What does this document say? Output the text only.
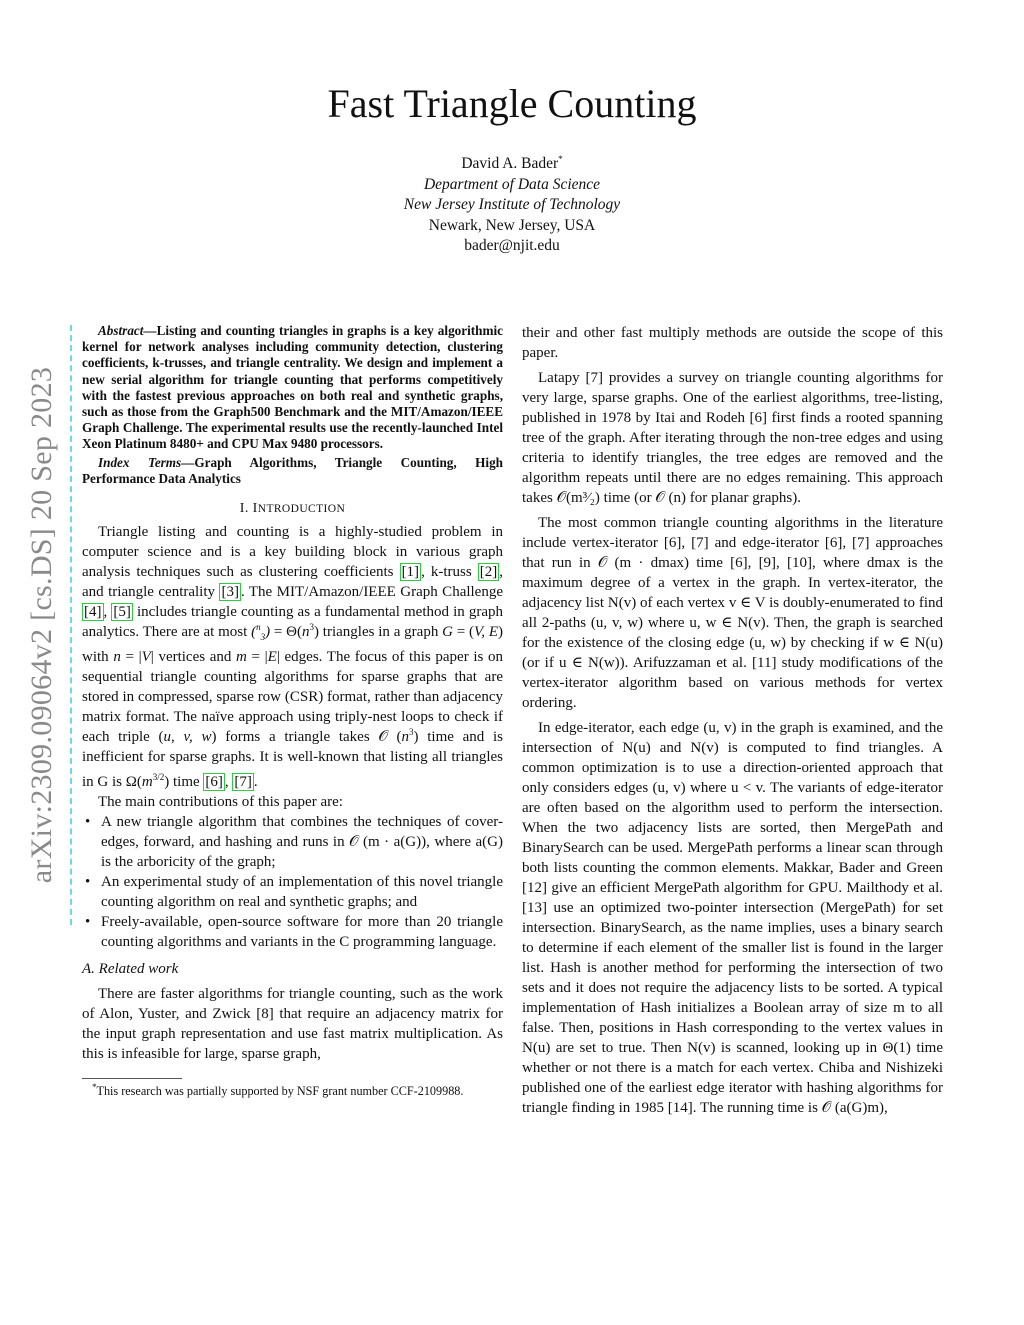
Fast Triangle Counting
David A. Bader*
Department of Data Science
New Jersey Institute of Technology
Newark, New Jersey, USA
bader@njit.edu
arXiv:2309.09064v2 [cs.DS] 20 Sep 2023

Abstract—Listing and counting triangles in graphs is a key algorithmic kernel for network analyses including community detection, clustering coefficients, k-trusses, and triangle centrality. We design and implement a new serial algorithm for triangle counting that performs competitively with the fastest previous approaches on both real and synthetic graphs, such as those from the Graph500 Benchmark and the MIT/Amazon/IEEE Graph Challenge. The experimental results use the recently-launched Intel Xeon Platinum 8480+ and CPU Max 9480 processors.

Index Terms—Graph Algorithms, Triangle Counting, High Performance Data Analytics

I. INTRODUCTION

Triangle listing and counting is a highly-studied problem in computer science and is a key building block in various graph analysis techniques such as clustering coefficients [1] , k-truss [2] , and triangle centrality [3] . The MIT/Amazon/IEEE Graph Challenge [4] , [5] includes triangle counting as a fundamental method in graph analytics. There are at most $(^n_3) = \Theta(n^3)$ triangles in a graph G = (V, E) with n = |V| vertices and m = |E| edges. The focus of this paper is on sequential triangle counting algorithms for sparse graphs that are stored in compressed, sparse row (CSR) format, rather than adjacency matrix format. The naïve approach using triply-nest loops to check if each triple (u, v, w) forms a triangle takes 𝒪 $(n^3)$ time and is inefficient for sparse graphs. It is well-known that listing all triangles in G is $\Omega(m^{3/2})$ time [6] , [7] .

The main contributions of this paper are:

• A new triangle algorithm that combines the techniques of cover-edges, forward, and hashing and runs in 𝒪 (m · a(G)), where a(G) is the arboricity of the graph;
• An experimental study of an implementation of this novel triangle counting algorithm on real and synthetic graphs; and
• Freely-available, open-source software for more than 20 triangle counting algorithms and variants in the C programming language.

A. Related work

There are faster algorithms for triangle counting, such as the work of Alon, Yuster, and Zwick [8] that require an adjacency matrix for the input graph representation and use fast matrix multiplication. As this is infeasible for large, sparse graph,

*This research was partially supported by NSF grant number CCF-2109988.

their and other fast multiply methods are outside the scope of this paper.

Latapy [7] provides a survey on triangle counting algorithms for very large, sparse graphs. One of the earliest algorithms, tree-listing, published in 1978 by Itai and Rodeh [6] first finds a rooted spanning tree of the graph. After iterating through the non-tree edges and using criteria to identify triangles, the tree edges are removed and the algorithm repeats until there are no edges remaining. This approach takes 𝒪(m³⁄₂) time (or 𝒪 (n) for planar graphs).

The most common triangle counting algorithms in the literature include vertex-iterator [6], [7] and edge-iterator [6], [7] approaches that run in 𝒪 (m · dmax) time [6], [9], [10], where dmax is the maximum degree of a vertex in the graph. In vertex-iterator, the adjacency list N(v) of each vertex v ∈ V is doubly-enumerated to find all 2-paths (u, v, w) where u, w ∈ N(v). Then, the graph is searched for the existence of the closing edge (u, w) by checking if w ∈ N(u) (or if u ∈ N(w)). Arifuzzaman et al. [11] study modifications of the vertex-iterator algorithm based on various methods for vertex ordering.

In edge-iterator, each edge (u, v) in the graph is examined, and the intersection of N(u) and N(v) is computed to find triangles. A common optimization is to use a direction-oriented approach that only considers edges (u, v) where u < v. The variants of edge-iterator are often based on the algorithm used to perform the intersection. When the two adjacency lists are sorted, then MergePath and BinarySearch can be used. MergePath performs a linear scan through both lists counting the common elements. Makkar, Bader and Green [12] give an efficient MergePath algorithm for GPU. Mailthody et al. [13] use an optimized two-pointer intersection (MergePath) for set intersection. BinarySearch, as the name implies, uses a binary search to determine if each element of the smaller list is found in the larger list. Hash is another method for performing the intersection of two sets and it does not require the adjacency lists to be sorted. A typical implementation of Hash initializes a Boolean array of size m to all false. Then, positions in Hash corresponding to the vertex values in N(u) are set to true. Then N(v) is scanned, looking up in Θ(1) time whether or not there is a match for each vertex. Chiba and Nishizeki published one of the earliest edge iterator with hashing algorithms for triangle finding in 1985 [14]. The running time is 𝒪 (a(G)m),
